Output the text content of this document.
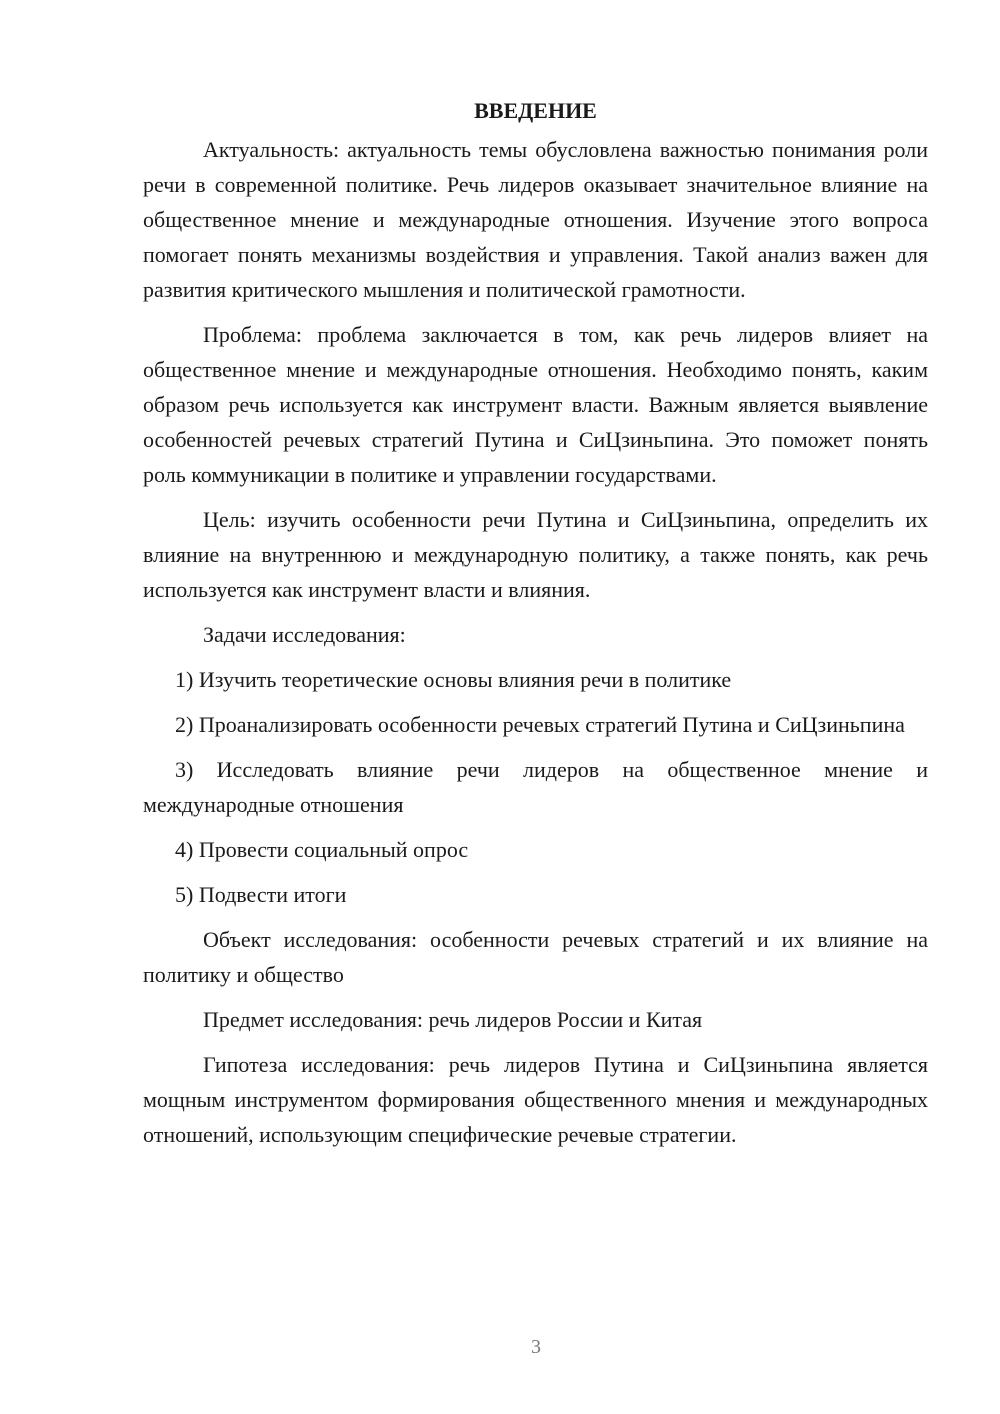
ВВЕДЕНИЕ

Актуальность: актуальность темы обусловлена важностью понимания роли речи в современной политике. Речь лидеров оказывает значительное влияние на общественное мнение и международные отношения. Изучение этого вопроса помогает понять механизмы воздействия и управления. Такой анализ важен для развития критического мышления и политической грамотности.

Проблема: проблема заключается в том, как речь лидеров влияет на общественное мнение и международные отношения. Необходимо понять, каким образом речь используется как инструмент власти. Важным является выявление особенностей речевых стратегий Путина и СиЦзиньпина. Это поможет понять роль коммуникации в политике и управлении государствами.

Цель: изучить особенности речи Путина и СиЦзиньпина, определить их влияние на внутреннюю и международную политику, а также понять, как речь используется как инструмент власти и влияния.

Задачи исследования:

1) Изучить теоретические основы влияния речи в политике

2) Проанализировать особенности речевых стратегий Путина и СиЦзиньпина

3) Исследовать влияние речи лидеров на общественное мнение и международные отношения

4) Провести социальный опрос

5) Подвести итоги

Объект исследования: особенности речевых стратегий и их влияние на политику и общество

Предмет исследования: речь лидеров России и Китая

Гипотеза исследования: речь лидеров Путина и СиЦзиньпина является мощным инструментом формирования общественного мнения и международных отношений, использующим специфические речевые стратегии.

3
